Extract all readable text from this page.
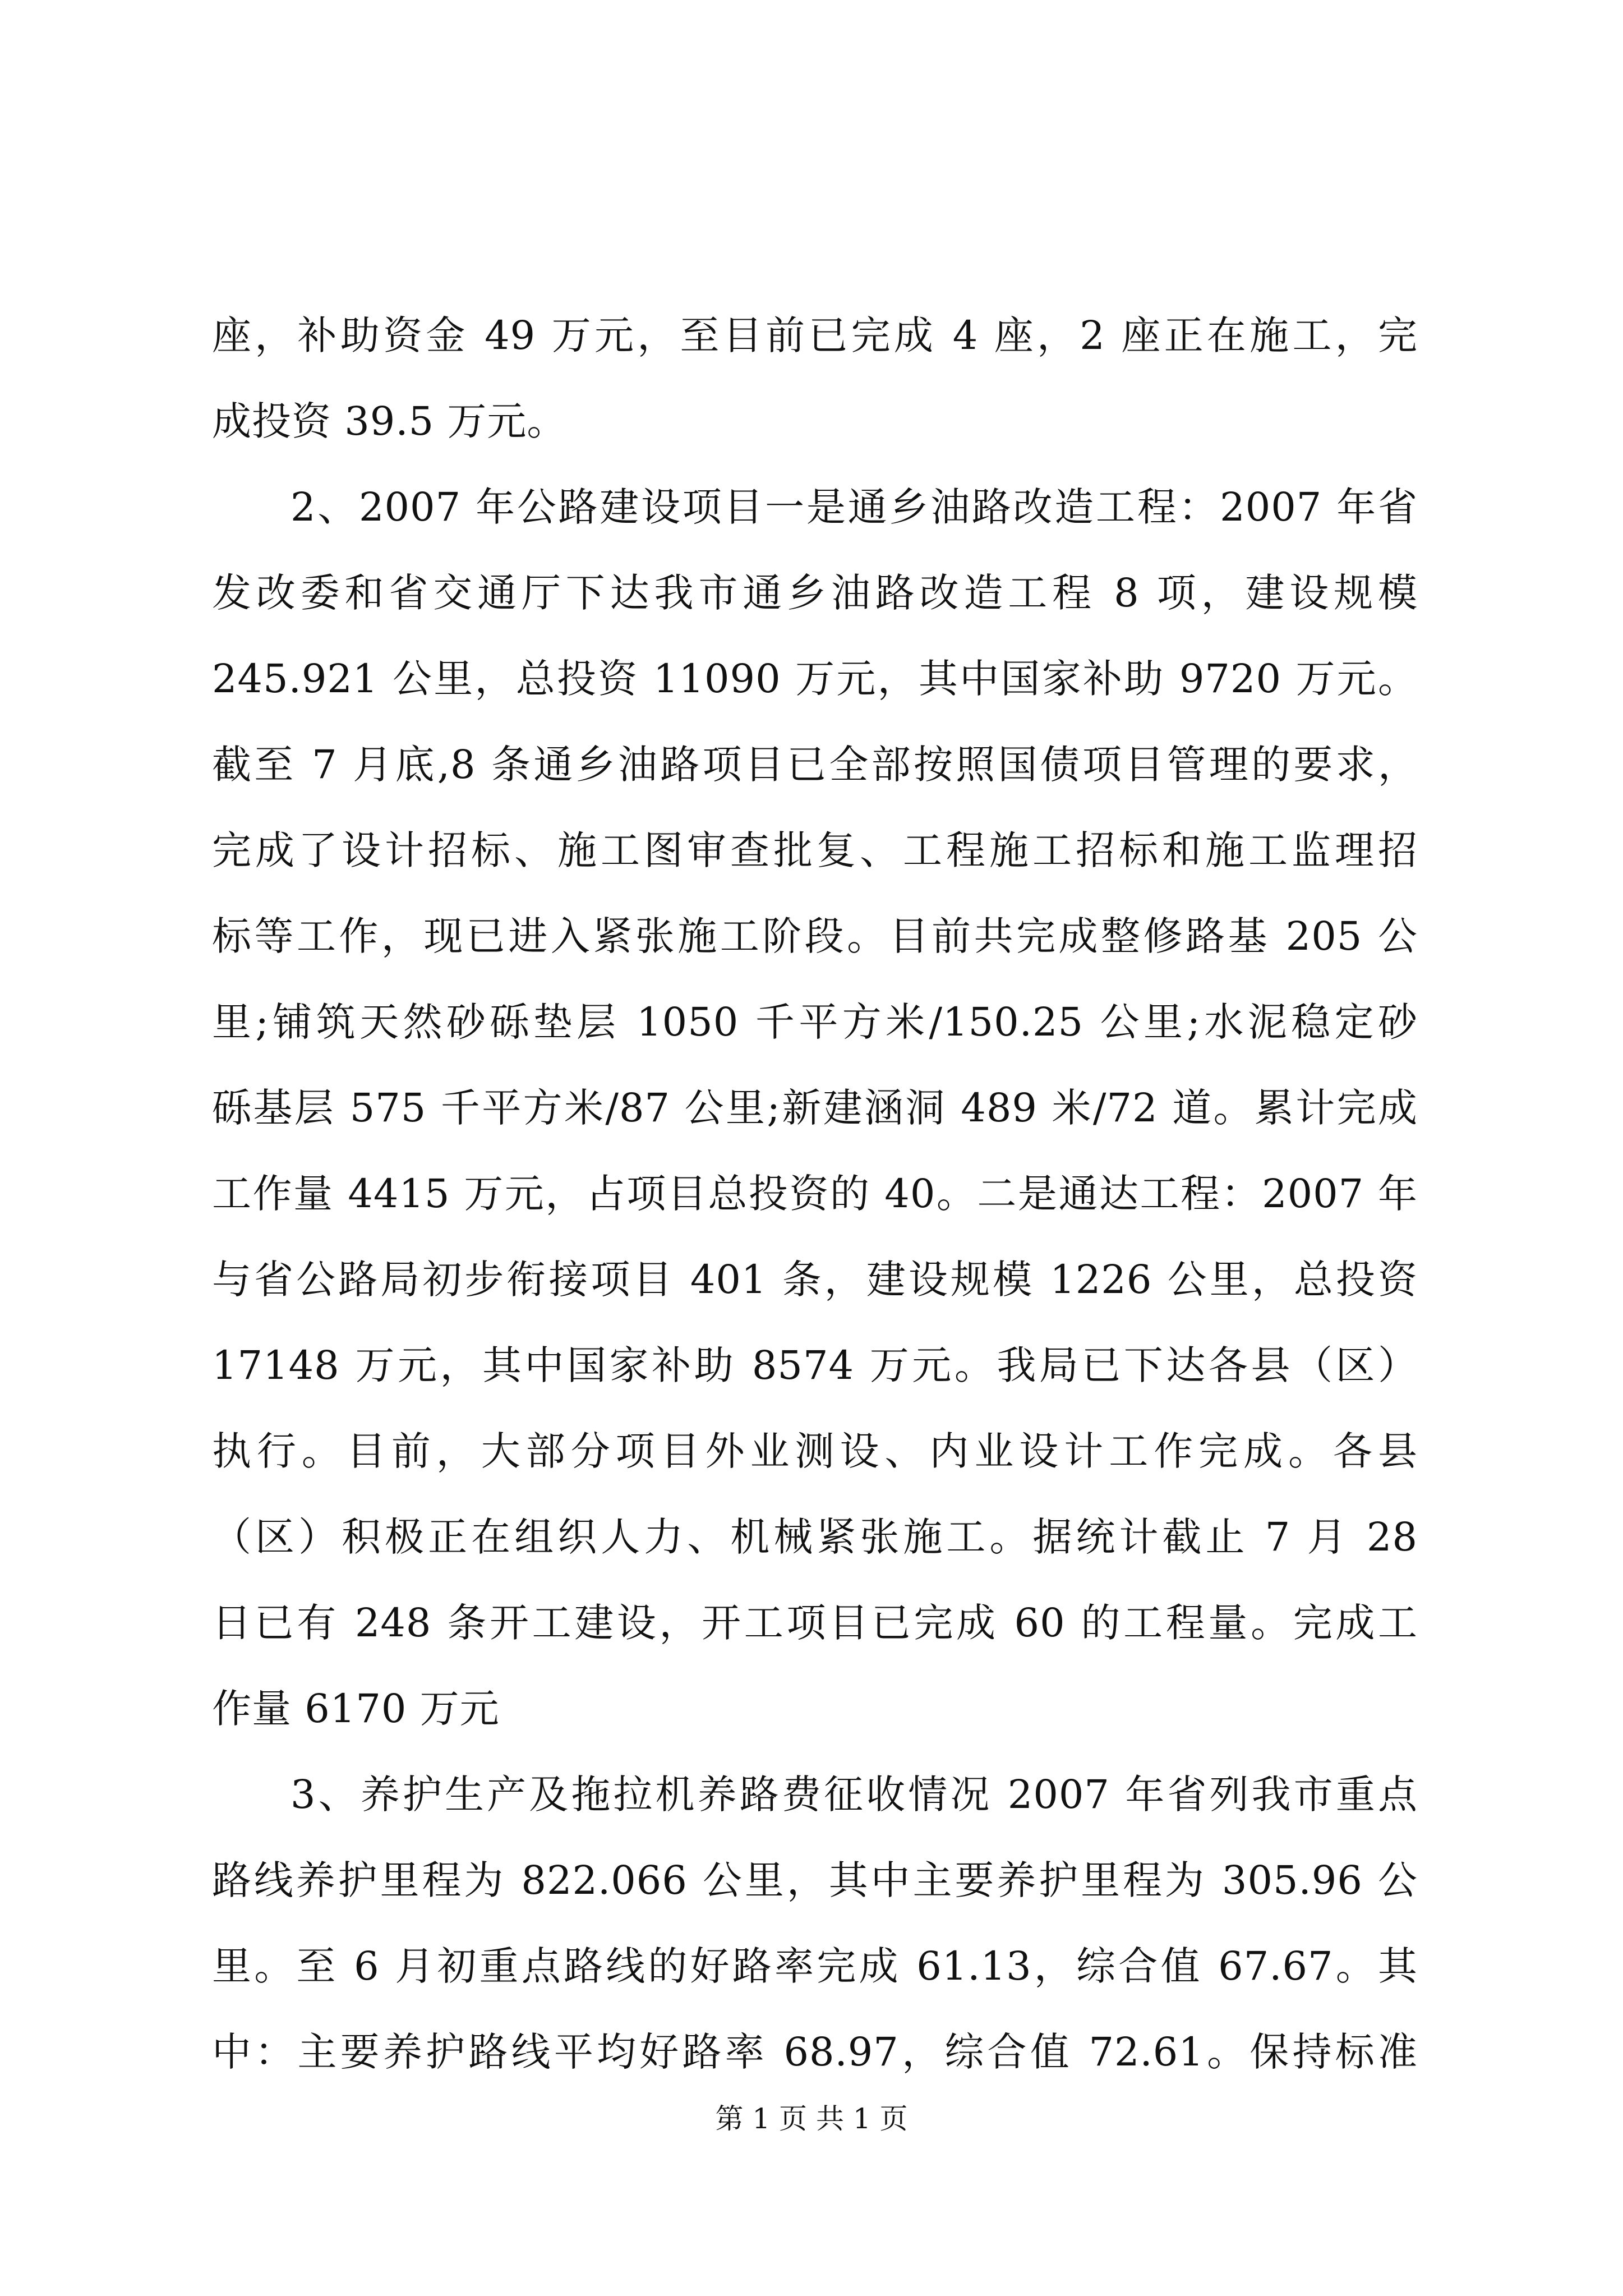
座，补助资金 49 万元，至目前已完成 4 座，2 座正在施工，完
成投资 39.5 万元。
2、2007 年公路建设项目一是通乡油路改造工程：2007 年省
发改委和省交通厅下达我市通乡油路改造工程 8 项，建设规模
245.921 公里，总投资 11090 万元，其中国家补助 9720 万元。
截至 7 月底,8 条通乡油路项目已全部按照国债项目管理的要求，
完成了设计招标、施工图审查批复、工程施工招标和施工监理招
标等工作，现已进入紧张施工阶段。目前共完成整修路基 205 公
里;铺筑天然砂砾垫层 1050 千平方米/150.25 公里;水泥稳定砂
砾基层 575 千平方米/87 公里;新建涵洞 489 米/72 道。累计完成
工作量 4415 万元，占项目总投资的 40。二是通达工程：2007 年
与省公路局初步衔接项目 401 条，建设规模 1226 公里，总投资
17148 万元，其中国家补助 8574 万元。我局已下达各县（区）
执行。目前，大部分项目外业测设、内业设计工作完成。各县
（区）积极正在组织人力、机械紧张施工。据统计截止 7 月 28
日已有 248 条开工建设，开工项目已完成 60 的工程量。完成工
作量 6170 万元
3、养护生产及拖拉机养路费征收情况 2007 年省列我市重点
路线养护里程为 822.066 公里，其中主要养护里程为 305.96 公
里。至 6 月初重点路线的好路率完成 61.13，综合值 67.67。其
中：主要养护路线平均好路率 68.97，综合值 72.61。保持标准
第 1 页 共 1 页
